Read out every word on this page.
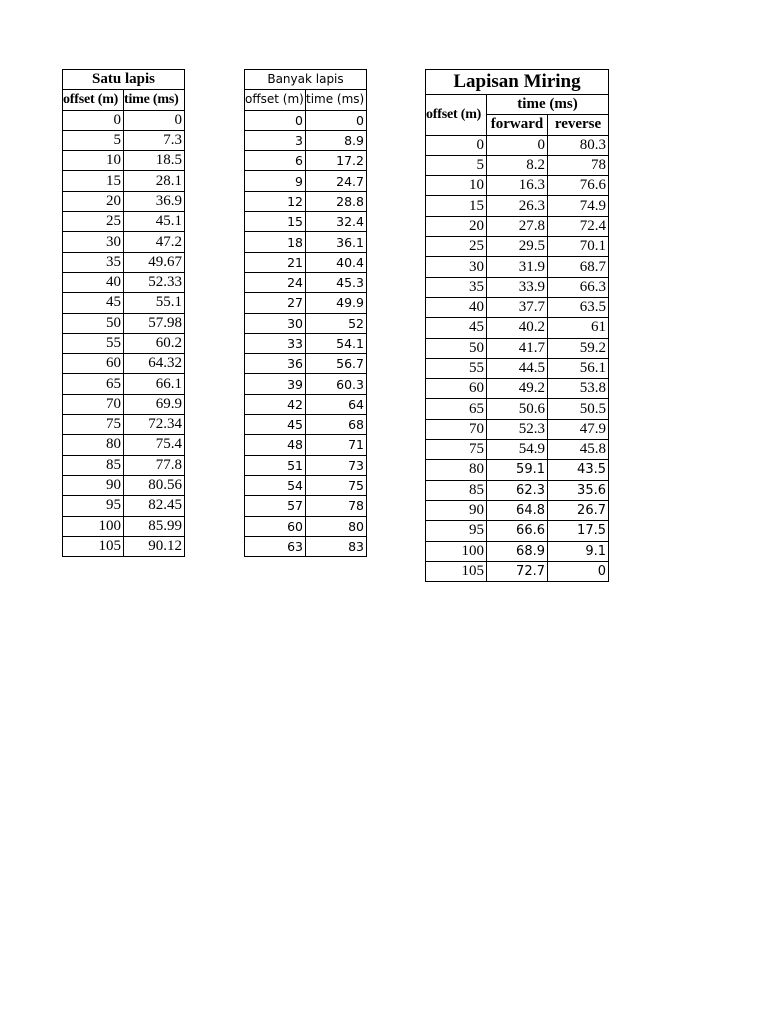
Satu lapis	
offset (m)	time (ms)
0	0
5	7.3
10	18.5
15	28.1
20	36.9
25	45.1
30	47.2
35	49.67
40	52.33
45	55.1
50	57.98
55	60.2
60	64.32
65	66.1
70	69.9
75	72.34
80	75.4
85	77.8
90	80.56
95	82.45
100	85.99
105	90.12
Banyak lapis	
offset (m)	time (ms)
0	0
3	8.9
6	17.2
9	24.7
12	28.8
15	32.4
18	36.1
21	40.4
24	45.3
27	49.9
30	52
33	54.1
36	56.7
39	60.3
42	64
45	68
48	71
51	73
54	75
57	78
60	80
63	83
Lapisan Miring		
offset (m)	time (ms)	
	forward	reverse
0	0	80.3
5	8.2	78
10	16.3	76.6
15	26.3	74.9
20	27.8	72.4
25	29.5	70.1
30	31.9	68.7
35	33.9	66.3
40	37.7	63.5
45	40.2	61
50	41.7	59.2
55	44.5	56.1
60	49.2	53.8
65	50.6	50.5
70	52.3	47.9
75	54.9	45.8
80	59.1	43.5
85	62.3	35.6
90	64.8	26.7
95	66.6	17.5
100	68.9	9.1
105	72.7	0
